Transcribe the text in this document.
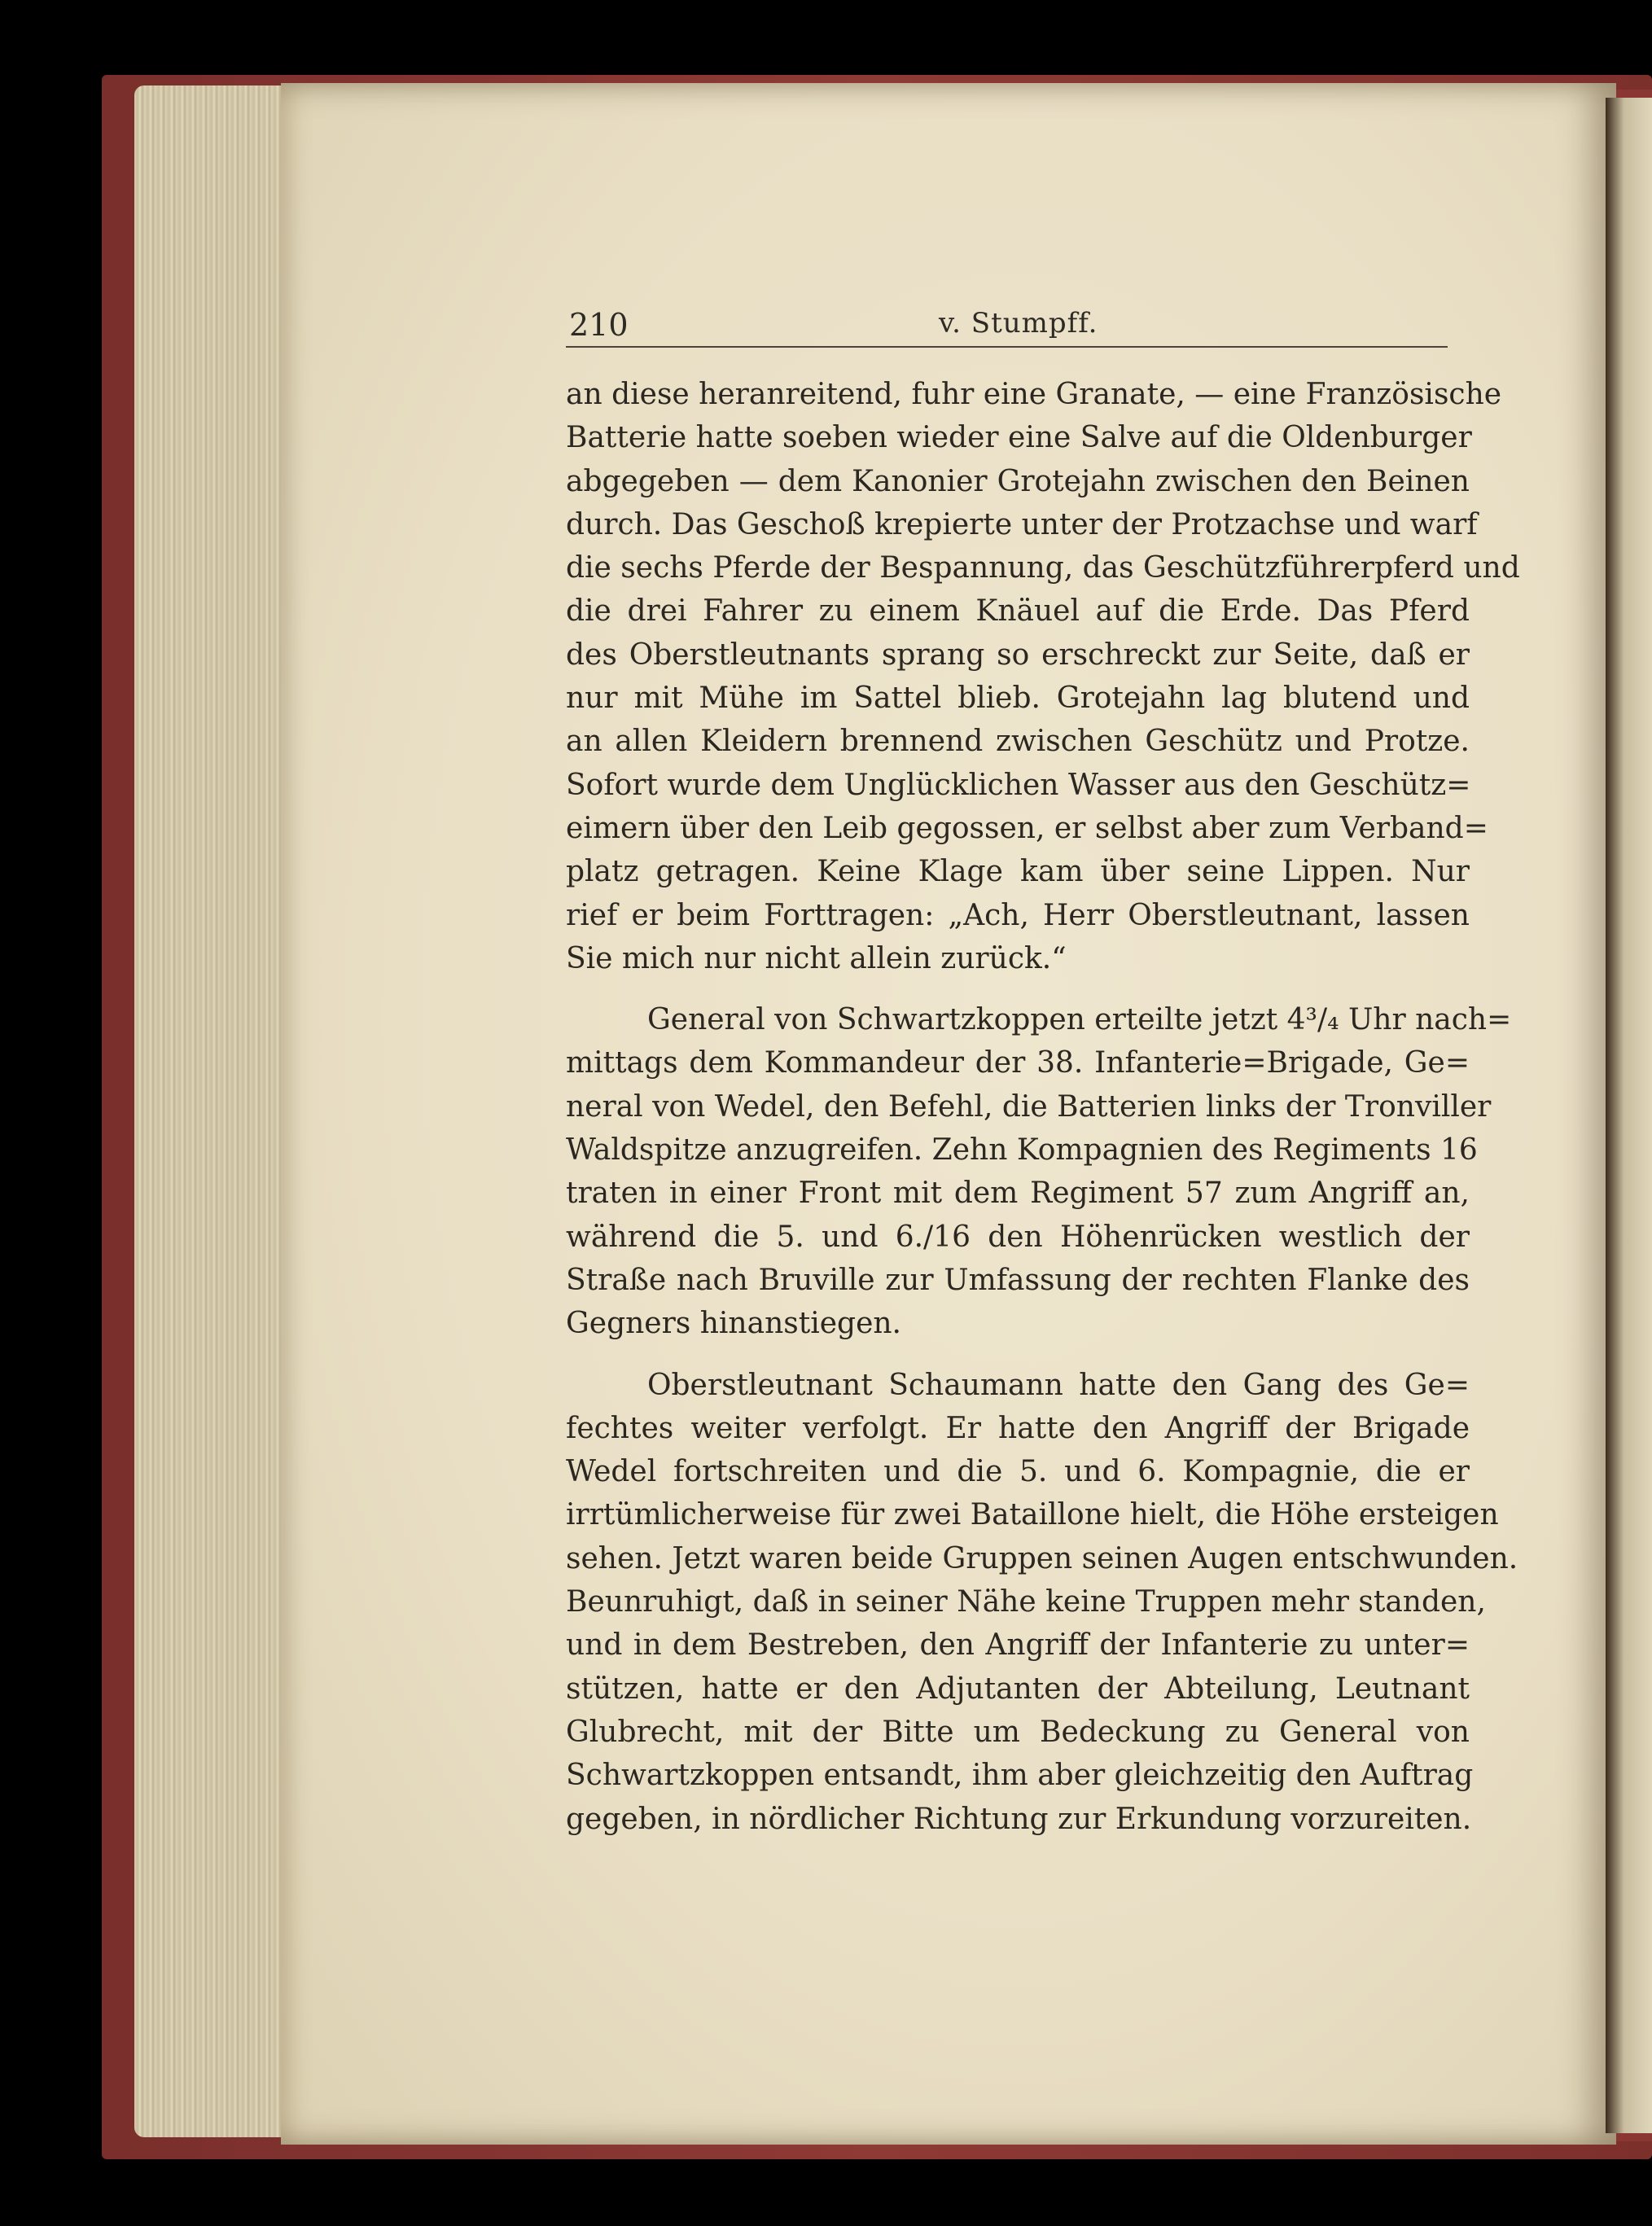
210	v. Stumpff.
an diese heranreitend, fuhr eine Granate, — eine Französische
Batterie hatte soeben wieder eine Salve auf die Oldenburger
abgegeben — dem Kanonier Grotejahn zwischen den Beinen
durch. Das Geschoß krepierte unter der Protzachse und warf
die sechs Pferde der Bespannung, das Geschützführerpferd und
die drei Fahrer zu einem Knäuel auf die Erde. Das Pferd
des Oberstleutnants sprang so erschreckt zur Seite, daß er
nur mit Mühe im Sattel blieb. Grotejahn lag blutend und
an allen Kleidern brennend zwischen Geschütz und Protze.
Sofort wurde dem Unglücklichen Wasser aus den Geschütz=
eimern über den Leib gegossen, er selbst aber zum Verband=
platz getragen. Keine Klage kam über seine Lippen. Nur
rief er beim Forttragen: „Ach, Herr Oberstleutnant, lassen
Sie mich nur nicht allein zurück.“
General von Schwartzkoppen erteilte jetzt 4³/₄ Uhr nach=
mittags dem Kommandeur der 38. Infanterie=Brigade, Ge=
neral von Wedel, den Befehl, die Batterien links der Tronviller
Waldspitze anzugreifen. Zehn Kompagnien des Regiments 16
traten in einer Front mit dem Regiment 57 zum Angriff an,
während die 5. und 6./16 den Höhenrücken westlich der
Straße nach Bruville zur Umfassung der rechten Flanke des
Gegners hinanstiegen.
Oberstleutnant Schaumann hatte den Gang des Ge=
fechtes weiter verfolgt. Er hatte den Angriff der Brigade
Wedel fortschreiten und die 5. und 6. Kompagnie, die er
irrtümlicherweise für zwei Bataillone hielt, die Höhe ersteigen
sehen. Jetzt waren beide Gruppen seinen Augen entschwunden.
Beunruhigt, daß in seiner Nähe keine Truppen mehr standen,
und in dem Bestreben, den Angriff der Infanterie zu unter=
stützen, hatte er den Adjutanten der Abteilung, Leutnant
Glubrecht, mit der Bitte um Bedeckung zu General von
Schwartzkoppen entsandt, ihm aber gleichzeitig den Auftrag
gegeben, in nördlicher Richtung zur Erkundung vorzureiten.
